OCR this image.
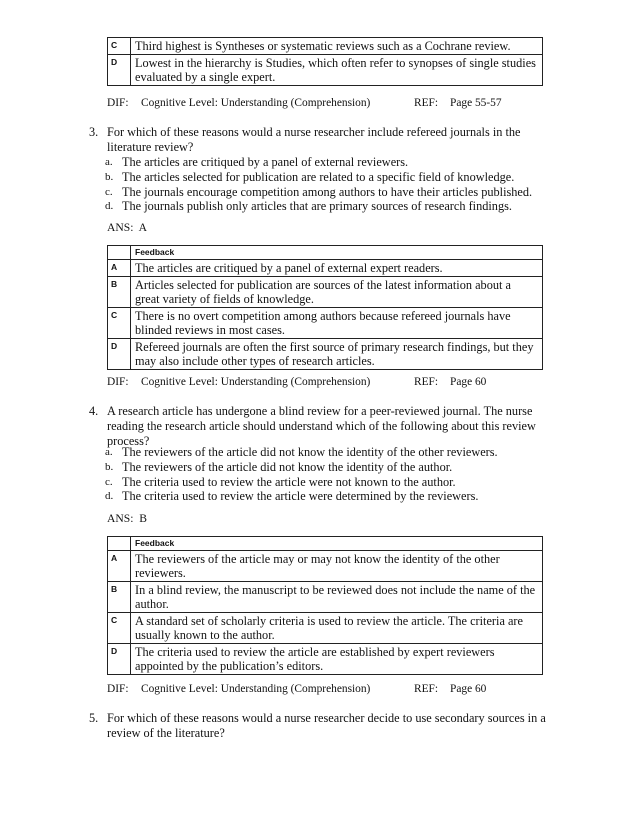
C	Third highest is Syntheses or systematic reviews such as a Cochrane review.
D	Lowest in the hierarchy is Studies, which often refer to synopses of single studies evaluated by a single expert.
DIF: Cognitive Level: Understanding (Comprehension)	REF: Page 55-57
3. For which of these reasons would a nurse researcher include refereed journals in the literature review?
a. The articles are critiqued by a panel of external reviewers.
b. The articles selected for publication are related to a specific field of knowledge.
c. The journals encourage competition among authors to have their articles published.
d. The journals publish only articles that are primary sources of research findings.
ANS: A
	Feedback
A	The articles are critiqued by a panel of external expert readers.
B	Articles selected for publication are sources of the latest information about a great variety of fields of knowledge.
C	There is no overt competition among authors because refereed journals have blinded reviews in most cases.
D	Refereed journals are often the first source of primary research findings, but they may also include other types of research articles.
DIF: Cognitive Level: Understanding (Comprehension)	REF: Page 60
4. A research article has undergone a blind review for a peer-reviewed journal. The nurse reading the research article should understand which of the following about this review process?
a. The reviewers of the article did not know the identity of the other reviewers.
b. The reviewers of the article did not know the identity of the author.
c. The criteria used to review the article were not known to the author.
d. The criteria used to review the article were determined by the reviewers.
ANS: B
	Feedback
A	The reviewers of the article may or may not know the identity of the other reviewers.
B	In a blind review, the manuscript to be reviewed does not include the name of the author.
C	A standard set of scholarly criteria is used to review the article. The criteria are usually known to the author.
D	The criteria used to review the article are established by expert reviewers appointed by the publication’s editors.
DIF: Cognitive Level: Understanding (Comprehension)	REF: Page 60
5. For which of these reasons would a nurse researcher decide to use secondary sources in a review of the literature?
